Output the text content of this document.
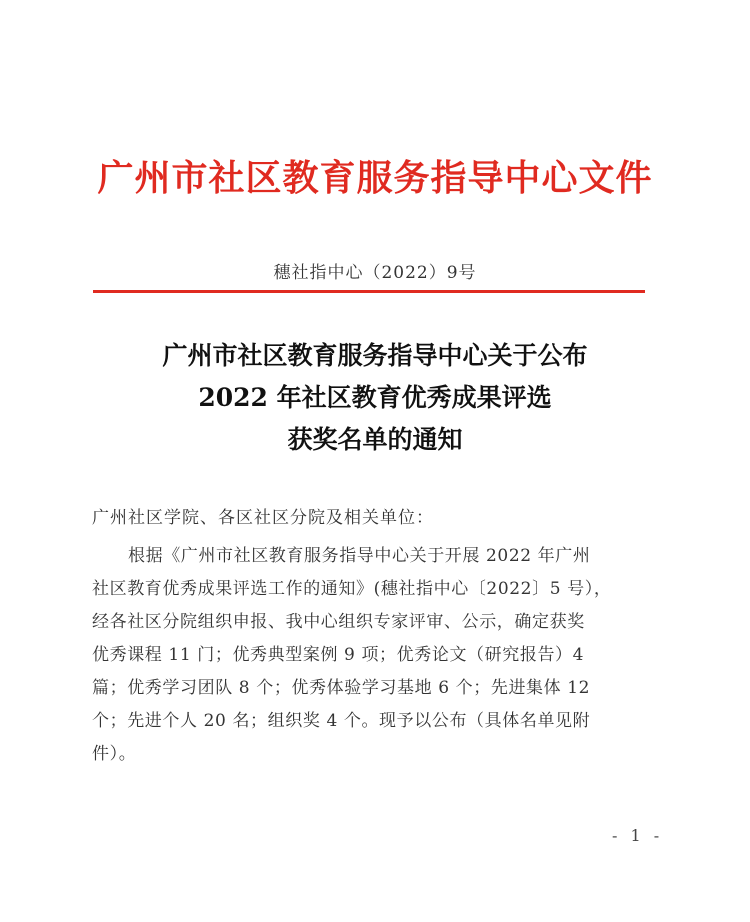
广州市社区教育服务指导中心文件
穗社指中心（2022）9号
广州市社区教育服务指导中心关于公布
2022 年社区教育优秀成果评选
获奖名单的通知
广州社区学院、各区社区分院及相关单位：
根据《广州市社区教育服务指导中心关于开展 2022 年广州
社区教育优秀成果评选工作的通知》(穗社指中心〔2022〕5 号），
经各社区分院组织申报、我中心组织专家评审、公示，确定获奖
优秀课程 11 门；优秀典型案例 9 项；优秀论文（研究报告）4
篇；优秀学习团队 8 个；优秀体验学习基地 6 个；先进集体 12
个；先进个人 20 名；组织奖 4 个。现予以公布（具体名单见附
件）。
- 1 -
